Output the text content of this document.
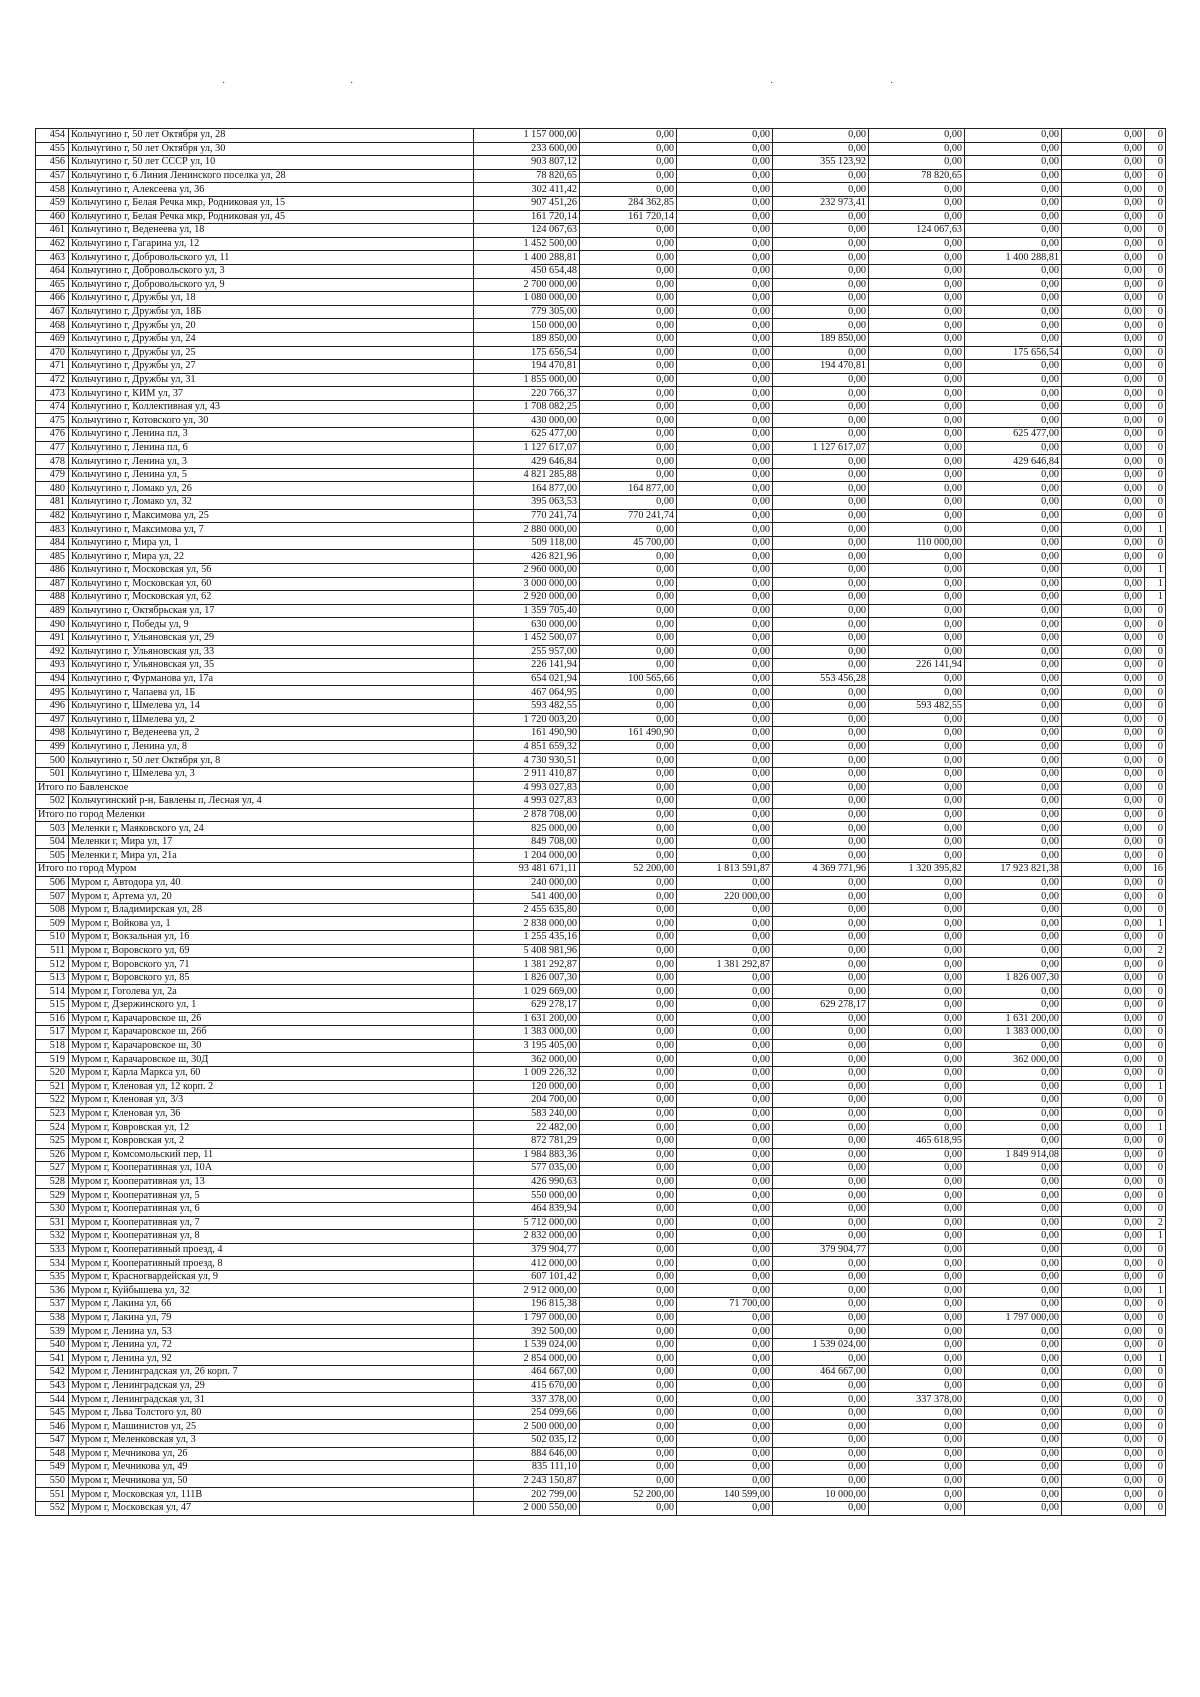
·	·	·	·
454	Кольчугино г, 50 лет Октября ул, 28	1 157 000,00	0,00	0,00	0,00	0,00	0,00	0,00	0
455	Кольчугино г, 50 лет Октября ул, 30	233 600,00	0,00	0,00	0,00	0,00	0,00	0,00	0
456	Кольчугино г, 50 лет СССР ул, 10	903 807,12	0,00	0,00	355 123,92	0,00	0,00	0,00	0
457	Кольчугино г, 6 Линия Ленинского поселка ул, 28	78 820,65	0,00	0,00	0,00	78 820,65	0,00	0,00	0
458	Кольчугино г, Алексеева ул, 36	302 411,42	0,00	0,00	0,00	0,00	0,00	0,00	0
459	Кольчугино г, Белая Речка мкр, Родниковая ул, 15	907 451,26	284 362,85	0,00	232 973,41	0,00	0,00	0,00	0
460	Кольчугино г, Белая Речка мкр, Родниковая ул, 45	161 720,14	161 720,14	0,00	0,00	0,00	0,00	0,00	0
461	Кольчугино г, Веденеева ул, 18	124 067,63	0,00	0,00	0,00	124 067,63	0,00	0,00	0
462	Кольчугино г, Гагарина ул, 12	1 452 500,00	0,00	0,00	0,00	0,00	0,00	0,00	0
463	Кольчугино г, Добровольского ул, 11	1 400 288,81	0,00	0,00	0,00	0,00	1 400 288,81	0,00	0
464	Кольчугино г, Добровольского ул, 3	450 654,48	0,00	0,00	0,00	0,00	0,00	0,00	0
465	Кольчугино г, Добровольского ул, 9	2 700 000,00	0,00	0,00	0,00	0,00	0,00	0,00	0
466	Кольчугино г, Дружбы ул, 18	1 080 000,00	0,00	0,00	0,00	0,00	0,00	0,00	0
467	Кольчугино г, Дружбы ул, 18Б	779 305,00	0,00	0,00	0,00	0,00	0,00	0,00	0
468	Кольчугино г, Дружбы ул, 20	150 000,00	0,00	0,00	0,00	0,00	0,00	0,00	0
469	Кольчугино г, Дружбы ул, 24	189 850,00	0,00	0,00	189 850,00	0,00	0,00	0,00	0
470	Кольчугино г, Дружбы ул, 25	175 656,54	0,00	0,00	0,00	0,00	175 656,54	0,00	0
471	Кольчугино г, Дружбы ул, 27	194 470,81	0,00	0,00	194 470,81	0,00	0,00	0,00	0
472	Кольчугино г, Дружбы ул, 31	1 855 000,00	0,00	0,00	0,00	0,00	0,00	0,00	0
473	Кольчугино г, КИМ ул, 37	220 766,37	0,00	0,00	0,00	0,00	0,00	0,00	0
474	Кольчугино г, Коллективная ул, 43	1 708 082,25	0,00	0,00	0,00	0,00	0,00	0,00	0
475	Кольчугино г, Котовского ул, 30	430 000,00	0,00	0,00	0,00	0,00	0,00	0,00	0
476	Кольчугино г, Ленина пл, 3	625 477,00	0,00	0,00	0,00	0,00	625 477,00	0,00	0
477	Кольчугино г, Ленина пл, 6	1 127 617,07	0,00	0,00	1 127 617,07	0,00	0,00	0,00	0
478	Кольчугино г, Ленина ул, 3	429 646,84	0,00	0,00	0,00	0,00	429 646,84	0,00	0
479	Кольчугино г, Ленина ул, 5	4 821 285,88	0,00	0,00	0,00	0,00	0,00	0,00	0
480	Кольчугино г, Ломако ул, 26	164 877,00	164 877,00	0,00	0,00	0,00	0,00	0,00	0
481	Кольчугино г, Ломако ул, 32	395 063,53	0,00	0,00	0,00	0,00	0,00	0,00	0
482	Кольчугино г, Максимова ул, 25	770 241,74	770 241,74	0,00	0,00	0,00	0,00	0,00	0
483	Кольчугино г, Максимова ул, 7	2 880 000,00	0,00	0,00	0,00	0,00	0,00	0,00	1
484	Кольчугино г, Мира ул, 1	509 118,00	45 700,00	0,00	0,00	110 000,00	0,00	0,00	0
485	Кольчугино г, Мира ул, 22	426 821,96	0,00	0,00	0,00	0,00	0,00	0,00	0
486	Кольчугино г, Московская ул, 56	2 960 000,00	0,00	0,00	0,00	0,00	0,00	0,00	1
487	Кольчугино г, Московская ул, 60	3 000 000,00	0,00	0,00	0,00	0,00	0,00	0,00	1
488	Кольчугино г, Московская ул, 62	2 920 000,00	0,00	0,00	0,00	0,00	0,00	0,00	1
489	Кольчугино г, Октябрьская ул, 17	1 359 705,40	0,00	0,00	0,00	0,00	0,00	0,00	0
490	Кольчугино г, Победы ул, 9	630 000,00	0,00	0,00	0,00	0,00	0,00	0,00	0
491	Кольчугино г, Ульяновская ул, 29	1 452 500,07	0,00	0,00	0,00	0,00	0,00	0,00	0
492	Кольчугино г, Ульяновская ул, 33	255 957,00	0,00	0,00	0,00	0,00	0,00	0,00	0
493	Кольчугино г, Ульяновская ул, 35	226 141,94	0,00	0,00	0,00	226 141,94	0,00	0,00	0
494	Кольчугино г, Фурманова ул, 17а	654 021,94	100 565,66	0,00	553 456,28	0,00	0,00	0,00	0
495	Кольчугино г, Чапаева ул, 1Б	467 064,95	0,00	0,00	0,00	0,00	0,00	0,00	0
496	Кольчугино г, Шмелева ул, 14	593 482,55	0,00	0,00	0,00	593 482,55	0,00	0,00	0
497	Кольчугино г, Шмелева ул, 2	1 720 003,20	0,00	0,00	0,00	0,00	0,00	0,00	0
498	Кольчугино г, Веденеева ул, 2	161 490,90	161 490,90	0,00	0,00	0,00	0,00	0,00	0
499	Кольчугино г, Ленина ул, 8	4 851 659,32	0,00	0,00	0,00	0,00	0,00	0,00	0
500	Кольчугино г, 50 лет Октября ул, 8	4 730 930,51	0,00	0,00	0,00	0,00	0,00	0,00	0
501	Кольчугино г, Шмелева ул, 3	2 911 410,87	0,00	0,00	0,00	0,00	0,00	0,00	0
Итого по Бавленское		4 993 027,83	0,00	0,00	0,00	0,00	0,00	0,00	0
502	Кольчугинский р-н, Бавлены п, Лесная ул, 4	4 993 027,83	0,00	0,00	0,00	0,00	0,00	0,00	0
Итого по город Меленки		2 878 708,00	0,00	0,00	0,00	0,00	0,00	0,00	0
503	Меленки г, Маяковского ул, 24	825 000,00	0,00	0,00	0,00	0,00	0,00	0,00	0
504	Меленки г, Мира ул, 17	849 708,00	0,00	0,00	0,00	0,00	0,00	0,00	0
505	Меленки г, Мира ул, 21а	1 204 000,00	0,00	0,00	0,00	0,00	0,00	0,00	0
Итого по город Муром		93 481 671,11	52 200,00	1 813 591,87	4 369 771,96	1 320 395,82	17 923 821,38	0,00	16
506	Муром г, Автодора ул, 40	240 000,00	0,00	0,00	0,00	0,00	0,00	0,00	0
507	Муром г, Артема ул, 20	541 400,00	0,00	220 000,00	0,00	0,00	0,00	0,00	0
508	Муром г, Владимирская ул, 28	2 455 635,80	0,00	0,00	0,00	0,00	0,00	0,00	0
509	Муром г, Войкова ул, 1	2 838 000,00	0,00	0,00	0,00	0,00	0,00	0,00	1
510	Муром г, Вокзальная ул, 16	1 255 435,16	0,00	0,00	0,00	0,00	0,00	0,00	0
511	Муром г, Воровского ул, 69	5 408 981,96	0,00	0,00	0,00	0,00	0,00	0,00	2
512	Муром г, Воровского ул, 71	1 381 292,87	0,00	1 381 292,87	0,00	0,00	0,00	0,00	0
513	Муром г, Воровского ул, 85	1 826 007,30	0,00	0,00	0,00	0,00	1 826 007,30	0,00	0
514	Муром г, Гоголева ул, 2а	1 029 669,00	0,00	0,00	0,00	0,00	0,00	0,00	0
515	Муром г, Дзержинского ул, 1	629 278,17	0,00	0,00	629 278,17	0,00	0,00	0,00	0
516	Муром г, Карачаровское ш, 26	1 631 200,00	0,00	0,00	0,00	0,00	1 631 200,00	0,00	0
517	Муром г, Карачаровское ш, 26б	1 383 000,00	0,00	0,00	0,00	0,00	1 383 000,00	0,00	0
518	Муром г, Карачаровское ш, 30	3 195 405,00	0,00	0,00	0,00	0,00	0,00	0,00	0
519	Муром г, Карачаровское ш, 30Д	362 000,00	0,00	0,00	0,00	0,00	362 000,00	0,00	0
520	Муром г, Карла Маркса ул, 60	1 009 226,32	0,00	0,00	0,00	0,00	0,00	0,00	0
521	Муром г, Кленовая ул, 12 корп. 2	120 000,00	0,00	0,00	0,00	0,00	0,00	0,00	1
522	Муром г, Кленовая ул, 3/3	204 700,00	0,00	0,00	0,00	0,00	0,00	0,00	0
523	Муром г, Кленовая ул, 36	583 240,00	0,00	0,00	0,00	0,00	0,00	0,00	0
524	Муром г, Ковровская ул, 12	22 482,00	0,00	0,00	0,00	0,00	0,00	0,00	1
525	Муром г, Ковровская ул, 2	872 781,29	0,00	0,00	0,00	465 618,95	0,00	0,00	0
526	Муром г, Комсомольский пер, 11	1 984 883,36	0,00	0,00	0,00	0,00	1 849 914,08	0,00	0
527	Муром г, Кооперативная ул, 10А	577 035,00	0,00	0,00	0,00	0,00	0,00	0,00	0
528	Муром г, Кооперативная ул, 13	426 990,63	0,00	0,00	0,00	0,00	0,00	0,00	0
529	Муром г, Кооперативная ул, 5	550 000,00	0,00	0,00	0,00	0,00	0,00	0,00	0
530	Муром г, Кооперативная ул, 6	464 839,94	0,00	0,00	0,00	0,00	0,00	0,00	0
531	Муром г, Кооперативная ул, 7	5 712 000,00	0,00	0,00	0,00	0,00	0,00	0,00	2
532	Муром г, Кооперативная ул, 8	2 832 000,00	0,00	0,00	0,00	0,00	0,00	0,00	1
533	Муром г, Кооперативный проезд, 4	379 904,77	0,00	0,00	379 904,77	0,00	0,00	0,00	0
534	Муром г, Кооперативный проезд, 8	412 000,00	0,00	0,00	0,00	0,00	0,00	0,00	0
535	Муром г, Красногвардейская ул, 9	607 101,42	0,00	0,00	0,00	0,00	0,00	0,00	0
536	Муром г, Куйбышева ул, 32	2 912 000,00	0,00	0,00	0,00	0,00	0,00	0,00	1
537	Муром г, Лакина ул, 66	196 815,38	0,00	71 700,00	0,00	0,00	0,00	0,00	0
538	Муром г, Лакина ул, 79	1 797 000,00	0,00	0,00	0,00	0,00	1 797 000,00	0,00	0
539	Муром г, Ленина ул, 53	392 500,00	0,00	0,00	0,00	0,00	0,00	0,00	0
540	Муром г, Ленина ул, 72	1 539 024,00	0,00	0,00	1 539 024,00	0,00	0,00	0,00	0
541	Муром г, Ленина ул, 92	2 854 000,00	0,00	0,00	0,00	0,00	0,00	0,00	1
542	Муром г, Ленинградская ул, 26 корп. 7	464 667,00	0,00	0,00	464 667,00	0,00	0,00	0,00	0
543	Муром г, Ленинградская ул, 29	415 670,00	0,00	0,00	0,00	0,00	0,00	0,00	0
544	Муром г, Ленинградская ул, 31	337 378,00	0,00	0,00	0,00	337 378,00	0,00	0,00	0
545	Муром г, Льва Толстого ул, 80	254 099,66	0,00	0,00	0,00	0,00	0,00	0,00	0
546	Муром г, Машинистов ул, 25	2 500 000,00	0,00	0,00	0,00	0,00	0,00	0,00	0
547	Муром г, Меленковская ул, 3	502 035,12	0,00	0,00	0,00	0,00	0,00	0,00	0
548	Муром г, Мечникова ул, 26	884 646,00	0,00	0,00	0,00	0,00	0,00	0,00	0
549	Муром г, Мечникова ул, 49	835 111,10	0,00	0,00	0,00	0,00	0,00	0,00	0
550	Муром г, Мечникова ул, 50	2 243 150,87	0,00	0,00	0,00	0,00	0,00	0,00	0
551	Муром г, Московская ул, 111В	202 799,00	52 200,00	140 599,00	10 000,00	0,00	0,00	0,00	0
552	Муром г, Московская ул, 47	2 000 550,00	0,00	0,00	0,00	0,00	0,00	0,00	0
